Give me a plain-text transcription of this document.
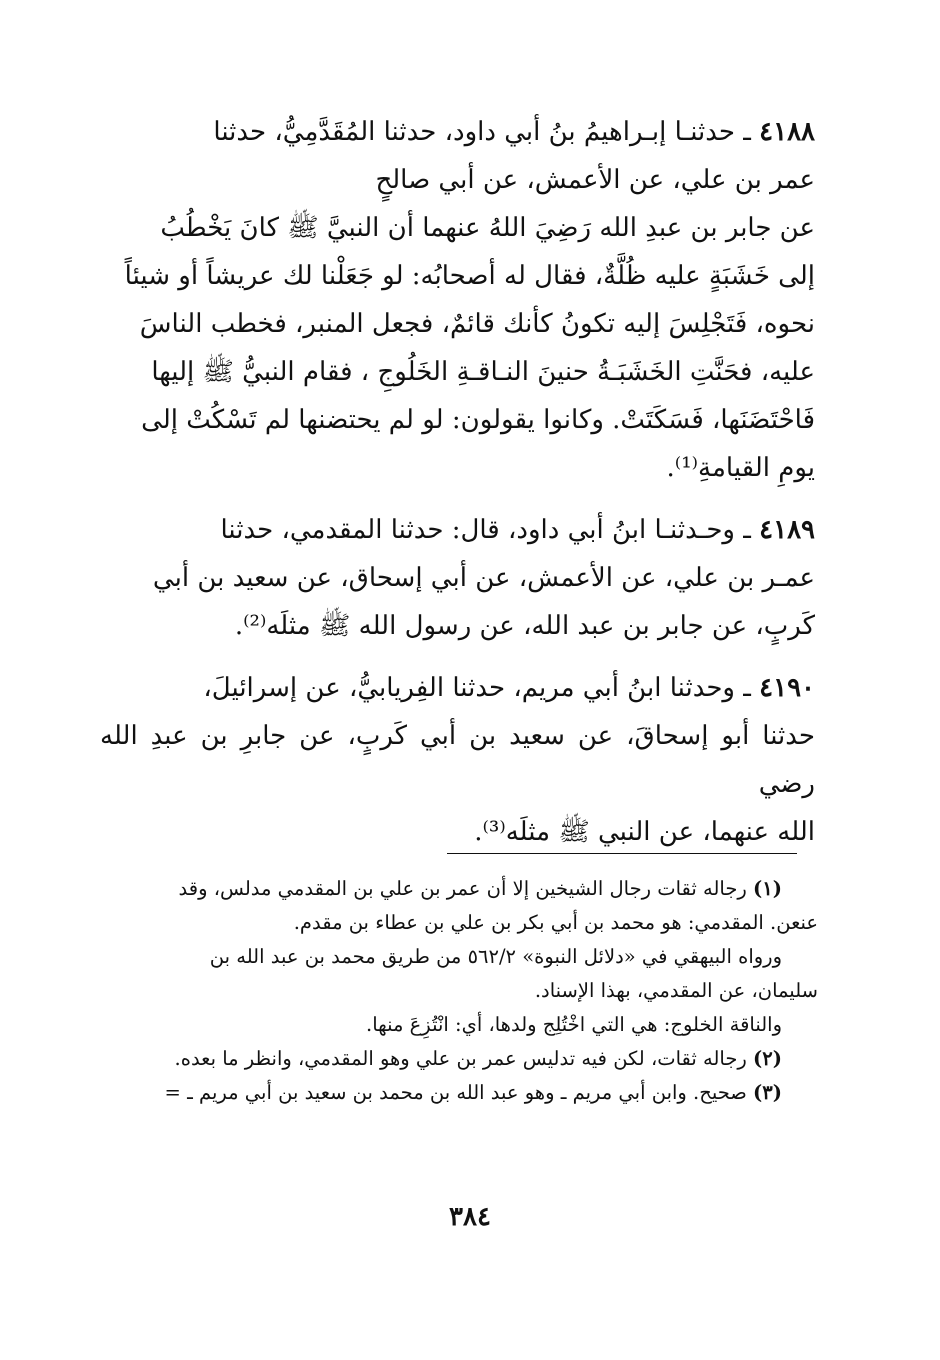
٤١٨٨ ـ حدثنـا إبـراهيمُ بنُ أبي داود، حدثنا المُقَدَّمِيُّ، حدثنا
عمر بن علي، عن الأعمش، عن أبي صالحٍ
عن جابر بن عبدِ الله رَضِيَ اللهُ عنهما أن النبيَّ ﷺ كانَ يَخْطُبُ
إلى خَشَبَةٍ عليه ظُلَّةٌ، فقال له أصحابُه: لو جَعَلْنا لك عريشاً أو شيئاً
نحوه، فَتَجْلِسَ إليه تكونُ كأنك قائمٌ، فجعل المنبر، فخطب الناسَ
عليه، فحَنَّتِ الخَشَبَـةُ حنينَ النـاقـةِ الخَلُوجِ ، فقام النبيُّ ﷺ إليها
فَاحْتَضَنَها، فَسَكَتَتْ. وكانوا يقولون: لو لم يحتضنها لم تَسْكُتْ إلى
يومِ القيامةِ⁽¹⁾.
٤١٨٩ ـ وحـدثنـا ابنُ أبي داود، قال: حدثنا المقدمي، حدثنا
عمـر بن علي، عن الأعمش، عن أبي إسحاق، عن سعيد بن أبي
كَربٍ، عن جابر بن عبد الله، عن رسول الله ﷺ مثلَه⁽²⁾.
٤١٩٠ ـ وحدثنا ابنُ أبي مريم، حدثنا الفِريابيُّ، عن إسرائيلَ،
حدثنا أبو إسحاقَ، عن سعيد بن أبي كَربٍ، عن جابرِ بن عبدِ الله رضي
الله عنهما، عن النبي ﷺ مثلَه⁽³⁾.
(١) رجاله ثقات رجال الشيخين إلا أن عمر بن علي بن المقدمي مدلس، وقد
عنعن. المقدمي: هو محمد بن أبي بكر بن علي بن عطاء بن مقدم.
ورواه البيهقي في «دلائل النبوة» ٥٦٢/٢ من طريق محمد بن عبد الله بن
سليمان، عن المقدمي، بهذا الإسناد.
والناقة الخلوج: هي التي اخْتُلِج ولدها، أي: انْتُزِعَ منها.
(٢) رجاله ثقات، لكن فيه تدليس عمر بن علي وهو المقدمي، وانظر ما بعده.
(٣) صحيح. وابن أبي مريم ـ وهو عبد الله بن محمد بن سعيد بن أبي مريم ـ =
٣٨٤
